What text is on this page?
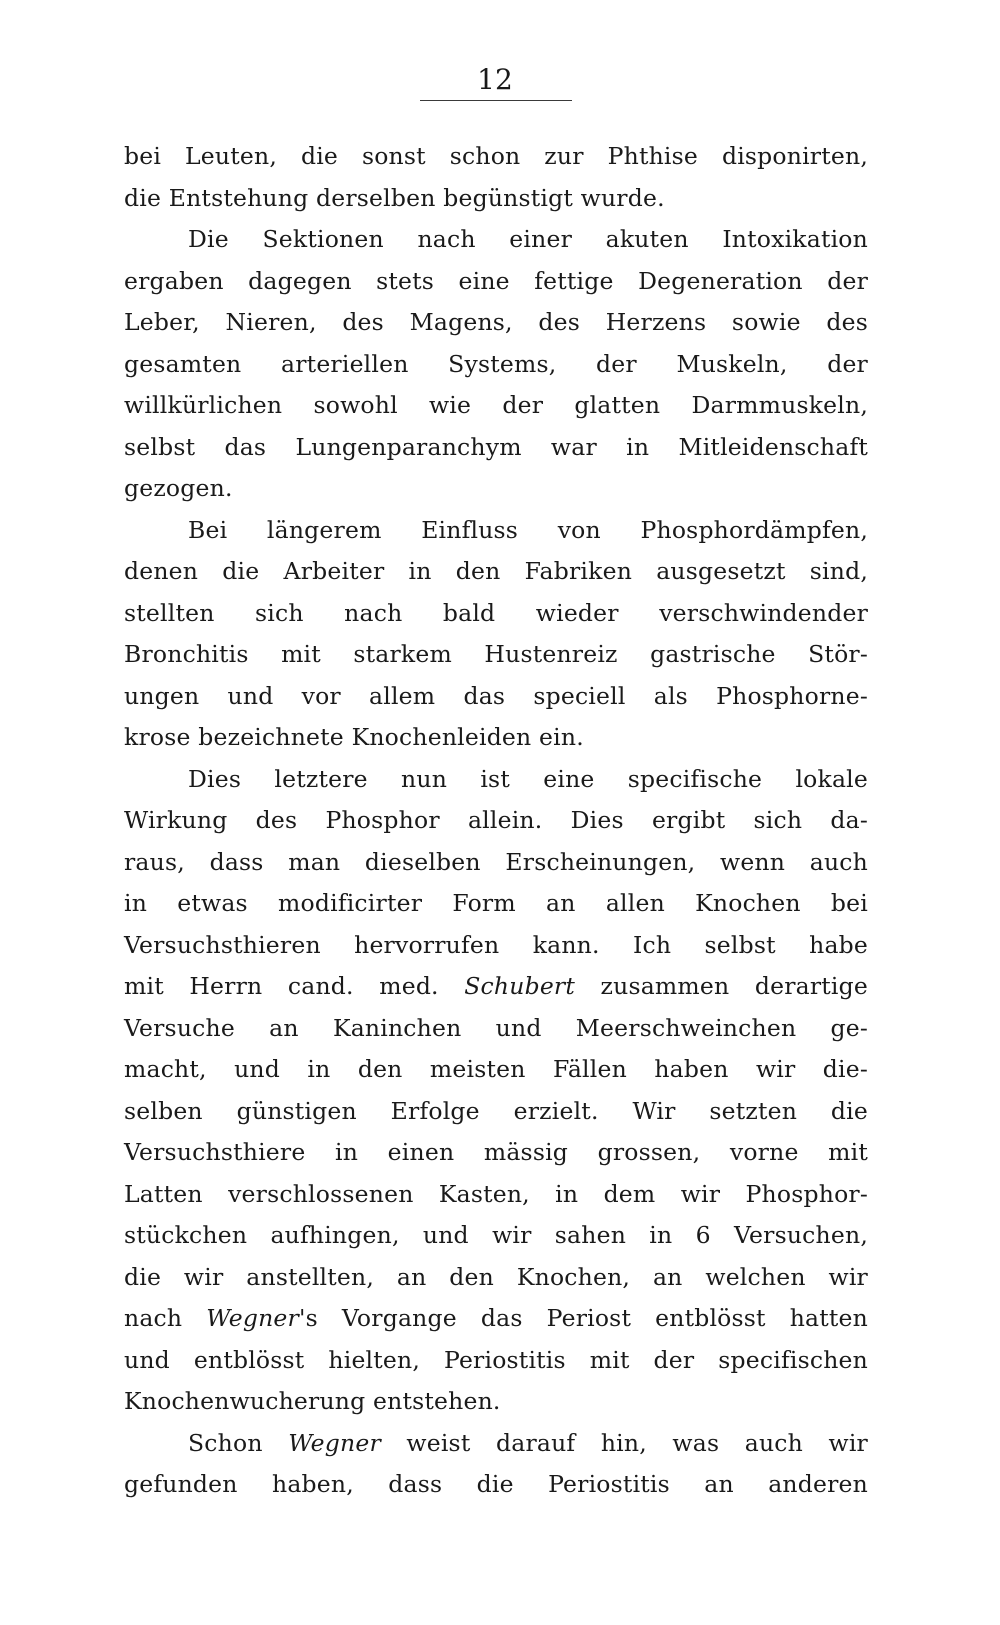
12
bei Leuten, die sonst schon zur Phthise disponirten,
die Entstehung derselben begünstigt wurde.
Die Sektionen nach einer akuten Intoxikation
ergaben dagegen stets eine fettige Degeneration der
Leber, Nieren, des Magens, des Herzens sowie des
gesamten arteriellen Systems, der Muskeln, der
willkürlichen sowohl wie der glatten Darmmuskeln,
selbst das Lungenparanchym war in Mitleidenschaft
gezogen.
Bei längerem Einfluss von Phosphordämpfen,
denen die Arbeiter in den Fabriken ausgesetzt sind,
stellten sich nach bald wieder verschwindender
Bronchitis mit starkem Hustenreiz gastrische Stör-
ungen und vor allem das speciell als Phosphorne-
krose bezeichnete Knochenleiden ein.
Dies letztere nun ist eine specifische lokale
Wirkung des Phosphor allein. Dies ergibt sich da-
raus, dass man dieselben Erscheinungen, wenn auch
in etwas modificirter Form an allen Knochen bei
Versuchsthieren hervorrufen kann. Ich selbst habe
mit Herrn cand. med. Schubert zusammen derartige
Versuche an Kaninchen und Meerschweinchen ge-
macht, und in den meisten Fällen haben wir die-
selben günstigen Erfolge erzielt. Wir setzten die
Versuchsthiere in einen mässig grossen, vorne mit
Latten verschlossenen Kasten, in dem wir Phosphor-
stückchen aufhingen, und wir sahen in 6 Versuchen,
die wir anstellten, an den Knochen, an welchen wir
nach Wegner's Vorgange das Periost entblösst hatten
und entblösst hielten, Periostitis mit der specifischen
Knochenwucherung entstehen.
Schon Wegner weist darauf hin, was auch wir
gefunden haben, dass die Periostitis an anderen
